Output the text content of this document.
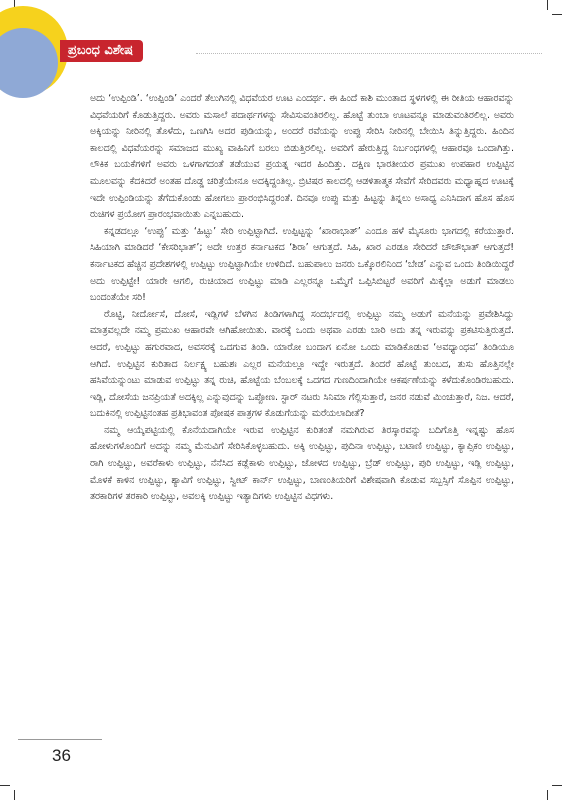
ಪ್ರಬಂಧ ವಿಶೇಷ

ಅದು ‘ಉಪ್ಪಿಂಡಿ’. ‘ಉಪ್ಪಿಂಡಿ’ ಎಂದರೆ ತೆಲುಗಿನಲ್ಲಿ ವಿಧವೆಯರ ಊಟ ಎಂದರ್ಥ. ಈ ಹಿಂದೆ ಕಾಶಿ ಮುಂತಾದ ಸ್ಥಳಗಳಲ್ಲಿ ಈ ರೀತಿಯ ಆಹಾರವನ್ನು ವಿಧವೆಯರಿಗೆ ಕೊಡುತ್ತಿದ್ದರು. ಅವರು ಮಸಾಲೆ ಪದಾರ್ಥಗಳನ್ನು ಸೇವಿಸುವಂತಿರಲಿಲ್ಲ. ಹೊಟ್ಟೆ ತುಂಬಾ ಊಟವನ್ನೂ ಮಾಡುವಂತಿರಲಿಲ್ಲ. ಅವರು ಅಕ್ಕಿಯನ್ನು ನೀರಿನಲ್ಲಿ ತೊಳೆದು, ಒಣಗಿಸಿ ಅದರ ಪುಡಿಯನ್ನು, ಅಂದರೆ ರವೆಯನ್ನು ಉಪ್ಪು ಸೇರಿಸಿ ನೀರಿನಲ್ಲಿ ಬೇಯಿಸಿ ತಿನ್ನುತ್ತಿದ್ದರು. ಹಿಂದಿನ ಕಾಲದಲ್ಲಿ ವಿಧವೆಯರನ್ನು ಸಮಾಜದ ಮುಖ್ಯ ವಾಹಿನಿಗೆ ಬರಲು ಬಿಡುತ್ತಿರಲಿಲ್ಲ. ಅವರಿಗೆ ಹೇರುತ್ತಿದ್ದ ನಿರ್ಬಂಧಗಳಲ್ಲಿ ಆಹಾರವೂ ಒಂದಾಗಿತ್ತು. ಲೌಕಿಕ ಬಯಕೆಗಳಿಗೆ ಅವರು ಒಳಗಾಗದಂತೆ ತಡೆಯುವ ಪ್ರಯತ್ನ ಇದರ ಹಿಂದಿತ್ತು. ದಕ್ಷಿಣ ಭಾರತೀಯರ ಪ್ರಮುಖ ಉಪಹಾರ ಉಪ್ಪಿಟ್ಟಿನ ಮೂಲವನ್ನು ಕೆದಕಿದರೆ ಅಂತಹ ದೊಡ್ಡ ಚರಿತ್ರೆಯೇನೂ ಅದಕ್ಕಿದ್ದಂತಿಲ್ಲ. ಬ್ರಿಟಿಷರ ಕಾಲದಲ್ಲಿ ಆಡಳಿತಾತ್ಮಕ ಸೇವೆಗೆ ಸೇರಿದವರು ಮಧ್ಯಾಹ್ನದ ಊಟಕ್ಕೆ ಇದೇ ಉಪ್ಪಿಂಡಿಯನ್ನು ತೆಗೆದುಕೊಂಡು ಹೋಗಲು ಪ್ರಾರಂಭಿಸಿದ್ದರಂತೆ. ದಿನವೂ ಉಪ್ಪು ಮತ್ತು ಹಿಟ್ಟನ್ನು ತಿನ್ನಲು ಅಸಾಧ್ಯ ಎನಿಸಿದಾಗ ಹೊಸ ಹೊಸ ರುಚಿಗಳ ಪ್ರಯೋಗ ಪ್ರಾರಂಭವಾಯಿತು ಎನ್ನಬಹುದು.

ಕನ್ನಡದಲ್ಲೂ ‘ಉಪ್ಪು’ ಮತ್ತು ‘ಹಿಟ್ಟು’ ಸೇರಿ ಉಪ್ಪಿಟ್ಟಾಗಿದೆ. ಉಪ್ಪಿಟ್ಟನ್ನು ‘ಖಾರಾಭಾತ್’ ಎಂದೂ ಹಳೆ ಮೈಸೂರು ಭಾಗದಲ್ಲಿ ಕರೆಯುತ್ತಾರೆ. ಸಿಹಿಯಾಗಿ ಮಾಡಿದರೆ ‘ಕೇಸರಿಭಾತ್’; ಅದೇ ಉತ್ತರ ಕರ್ನಾಟಕದ ‘ಶಿರಾ’ ಆಗುತ್ತದೆ. ಸಿಹಿ, ಖಾರ ಎರಡೂ ಸೇರಿದರೆ ಚೌಚೌಭಾತ್ ಆಗುತ್ತದೆ! ಕರ್ನಾಟಕದ ಹೆಚ್ಚಿನ ಪ್ರದೇಶಗಳಲ್ಲಿ ಉಪ್ಪಿಟ್ಟು ಉಪ್ಪಿಟ್ಟಾಗಿಯೇ ಉಳಿದಿದೆ. ಬಹುಪಾಲು ಜನರು ಒಕ್ಕೊರಲಿನಿಂದ ‘ಬೇಡ’ ಎನ್ನುವ ಒಂದು ತಿಂಡಿಯಿದ್ದರೆ ಅದು ಉಪ್ಪಿಟ್ಟೇ! ಯಾರೇ ಆಗಲಿ, ರುಚಿಯಾದ ಉಪ್ಪಿಟ್ಟು ಮಾಡಿ ಎಲ್ಲರನ್ನೂ ಒಮ್ಮೆಗೆ ಒಪ್ಪಿಸಿಬಿಟ್ಟರೆ ಅವರಿಗೆ ಮಿಕ್ಕೆಲ್ಲಾ ಅಡುಗೆ ಮಾಡಲು ಬಂದಂತೆಯೇ ಸರಿ!

ರೊಟ್ಟಿ, ನೀರ್ದೋಸೆ, ದೋಸೆ, ಇಡ್ಲಿಗಳೆ ಬೆಳಗಿನ ತಿಂಡಿಗಳಾಗಿದ್ದ ಸಂದರ್ಭದಲ್ಲಿ ಉಪ್ಪಿಟ್ಟು ನಮ್ಮ ಅಡುಗೆ ಮನೆಯನ್ನು ಪ್ರವೇಶಿಸಿದ್ದು ಮಾತ್ರವಲ್ಲದೇ ನಮ್ಮ ಪ್ರಮುಖ ಆಹಾರವೇ ಆಗಿಹೋಯಿತು. ವಾರಕ್ಕೆ ಒಂದು ಅಥವಾ ಎರಡು ಬಾರಿ ಅದು ತನ್ನ ಇರುವನ್ನು ಪ್ರಕಟಿಸುತ್ತಿರುತ್ತದೆ. ಆದರೆ, ಉಪ್ಪಿಟ್ಟು ಹಗುರವಾದ, ಅವಸರಕ್ಕೆ ಒದಗುವ ತಿಂಡಿ. ಯಾರೋ ಬಂದಾಗ ಏನೋ ಒಂದು ಮಾಡಿಕೊಡುವ ‘ಅವಧ್ಯಾಂಧವ’ ತಿಂಡಿಯೂ ಆಗಿದೆ. ಉಪ್ಪಿಟ್ಟಿನ ಕುರಿತಾದ ನಿರ್ಲಕ್ಷ್ಯ ಬಹುಶಃ ಎಲ್ಲರ ಮನೆಯಲ್ಲೂ ಇದ್ದೇ ಇರುತ್ತದೆ. ತಿಂದರೆ ಹೊಟ್ಟೆ ತುಂಬದ, ತುಸು ಹೊತ್ತಿನಲ್ಲೇ ಹಸಿವೆಯನ್ನುಂಟು ಮಾಡುವ ಉಪ್ಪಿಟ್ಟು ತನ್ನ ರುಚಿ, ಹೊಟ್ಟೆಯ ಬೆಂಬಲಕ್ಕೆ ಒದಗದ ಗುಣದಿಂದಾಗಿಯೇ ಆಕರ್ಷಣೆಯನ್ನು ಕಳೆದುಕೊಂಡಿರಬಹುದು. ಇಡ್ಲಿ, ದೋಸೆಯ ಜನಪ್ರಿಯತೆ ಅದಕ್ಕಿಲ್ಲ ಎನ್ನುವುದನ್ನು ಒಪ್ಪೋಣ. ಸ್ಟಾರ್ ನಟರು ಸಿನಿಮಾ ಗೆಲ್ಲಿಸುತ್ತಾರೆ, ಜನರ ನಡುವೆ ಮಿಂಚುತ್ತಾರೆ, ನಿಜ. ಆದರೆ, ಬದುಕಿನಲ್ಲಿ ಉಪ್ಪಿಟ್ಟಿನಂತಹ ಪ್ರತಿಭಾವಂತ ಪೋಷಕ ಪಾತ್ರಗಳ ಕೊಡುಗೆಯನ್ನು ಮರೆಯಲಾದೀತೆ?

ನಮ್ಮ ಆಯ್ಕೆಪಟ್ಟಿಯಲ್ಲಿ ಕೊನೆಯದಾಗಿಯೇ ಇರುವ ಉಪ್ಪಿಟ್ಟಿನ ಕುರಿತಂತೆ ನಮಗಿರುವ ತಿರಸ್ಕಾರವನ್ನು ಬದಿಗೊತ್ತಿ ಇನ್ನಷ್ಟು ಹೊಸ ಹೋಳುಗಳೊಂದಿಗೆ ಅದನ್ನು ನಮ್ಮ ಮೆನುವಿಗೆ ಸೇರಿಸಿಕೊಳ್ಳಬಹುದು. ಅಕ್ಕಿ ಉಪ್ಪಿಟ್ಟು, ಪುದಿನಾ ಉಪ್ಪಿಟ್ಟು, ಬಟಾಣಿ ಉಪ್ಪಿಟ್ಟು, ಕ್ಯಾಪ್ಸಿಕಂ ಉಪ್ಪಿಟ್ಟು, ರಾಗಿ ಉಪ್ಪಿಟ್ಟು, ಅವರೆಕಾಳು ಉಪ್ಪಿಟ್ಟು, ನೆನೆಸಿದ ಕಡ್ಲೆಕಾಳು ಉಪ್ಪಿಟ್ಟು, ಜೋಳದ ಉಪ್ಪಿಟ್ಟು, ಬ್ರೆಡ್ ಉಪ್ಪಿಟ್ಟು, ಪುರಿ ಉಪ್ಪಿಟ್ಟು, ಇಡ್ಲಿ ಉಪ್ಪಿಟ್ಟು, ಮೊಳಕೆ ಕಾಳಿನ ಉಪ್ಪಿಟ್ಟು, ಶ್ಯಾವಿಗೆ ಉಪ್ಪಿಟ್ಟು, ಸ್ವೀಟ್ ಕಾರ್ನ್ ಉಪ್ಪಿಟ್ಟು, ಬಾಣಂತಿಯರಿಗೆ ವಿಶೇಷವಾಗಿ ಕೊಡುವ ಸಬ್ಬಸ್ಸಿಗೆ ಸೊಪ್ಪಿನ ಉಪ್ಪಿಟ್ಟು, ತರಕಾರಿಗಳ ತರಕಾರಿ ಉಪ್ಪಿಟ್ಟು, ಅವಲಕ್ಕಿ ಉಪ್ಪಿಟ್ಟು ಇತ್ಯಾದಿಗಳು ಉಪ್ಪಿಟ್ಟಿನ ವಿಧಗಳು.

36
